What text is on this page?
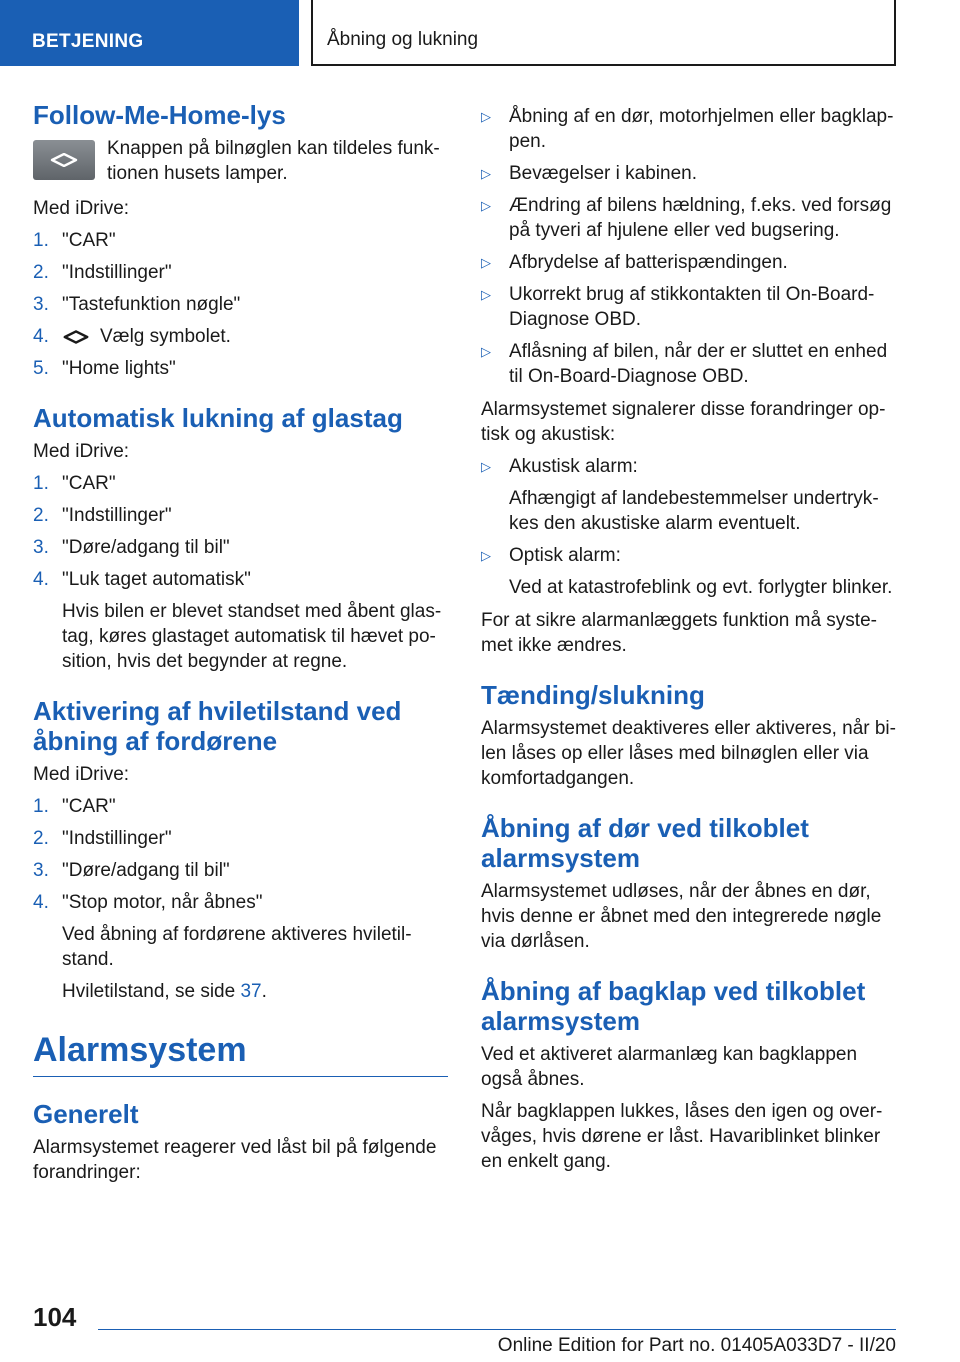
BETJENING	Åbning og lukning
Follow-Me-Home-lys

Knappen på bilnøglen kan tildeles funktionen husets lamper.

Med iDrive:

1. "CAR"
2. "Indstillinger"
3. "Tastefunktion nøgle"
4.	Vælg symbolet.
5. "Home lights"
Automatisk lukning af glastag

Med iDrive:

1. "CAR"
2. "Indstillinger"
3. "Døre/adgang til bil"
4. "Luk taget automatisk"

Hvis bilen er blevet standset med åbent glastag, køres glastaget automatisk til hævet position, hvis det begynder at regne.

Aktivering af hviletilstand ved åbning af fordørene

Med iDrive:

1. "CAR"
2. "Indstillinger"
3. "Døre/adgang til bil"
4. "Stop motor, når åbnes"

Ved åbning af fordørene aktiveres hviletilstand.

Hviletilstand, se side 37.

Alarmsystem
Generelt

Alarmsystemet reagerer ved låst bil på følgende forandringer:

▷ Åbning af en dør, motorhjelmen eller bagklappen.
▷ Bevægelser i kabinen.
▷ Ændring af bilens hældning, f.eks. ved forsøg på tyveri af hjulene eller ved bugsering.
▷ Afbrydelse af batterispændingen.
▷ Ukorrekt brug af stikkontakten til On-Board-Diagnose OBD.
▷ Aflåsning af bilen, når der er sluttet en enhed til On-Board-Diagnose OBD.

Alarmsystemet signalerer disse forandringer optisk og akustisk:

▷ Akustisk alarm:

Afhængigt af landebestemmelser undertrykkes den akustiske alarm eventuelt.

▷ Optisk alarm:

Ved at katastrofeblink og evt. forlygter blinker.

For at sikre alarmanlæggets funktion må systemet ikke ændres.

Tænding/slukning

Alarmsystemet deaktiveres eller aktiveres, når bilen låses op eller låses med bilnøglen eller via komfortadgangen.

Åbning af dør ved tilkoblet alarmsystem

Alarmsystemet udløses, når der åbnes en dør, hvis denne er åbnet med den integrerede nøgle via dørlåsen.

Åbning af bagklap ved tilkoblet alarmsystem

Ved et aktiveret alarmanlæg kan bagklappen også åbnes.

Når bagklappen lukkes, låses den igen og overvåges, hvis dørene er låst. Havariblinket blinker en enkelt gang.

104
Online Edition for Part no. 01405A033D7 - II/20
